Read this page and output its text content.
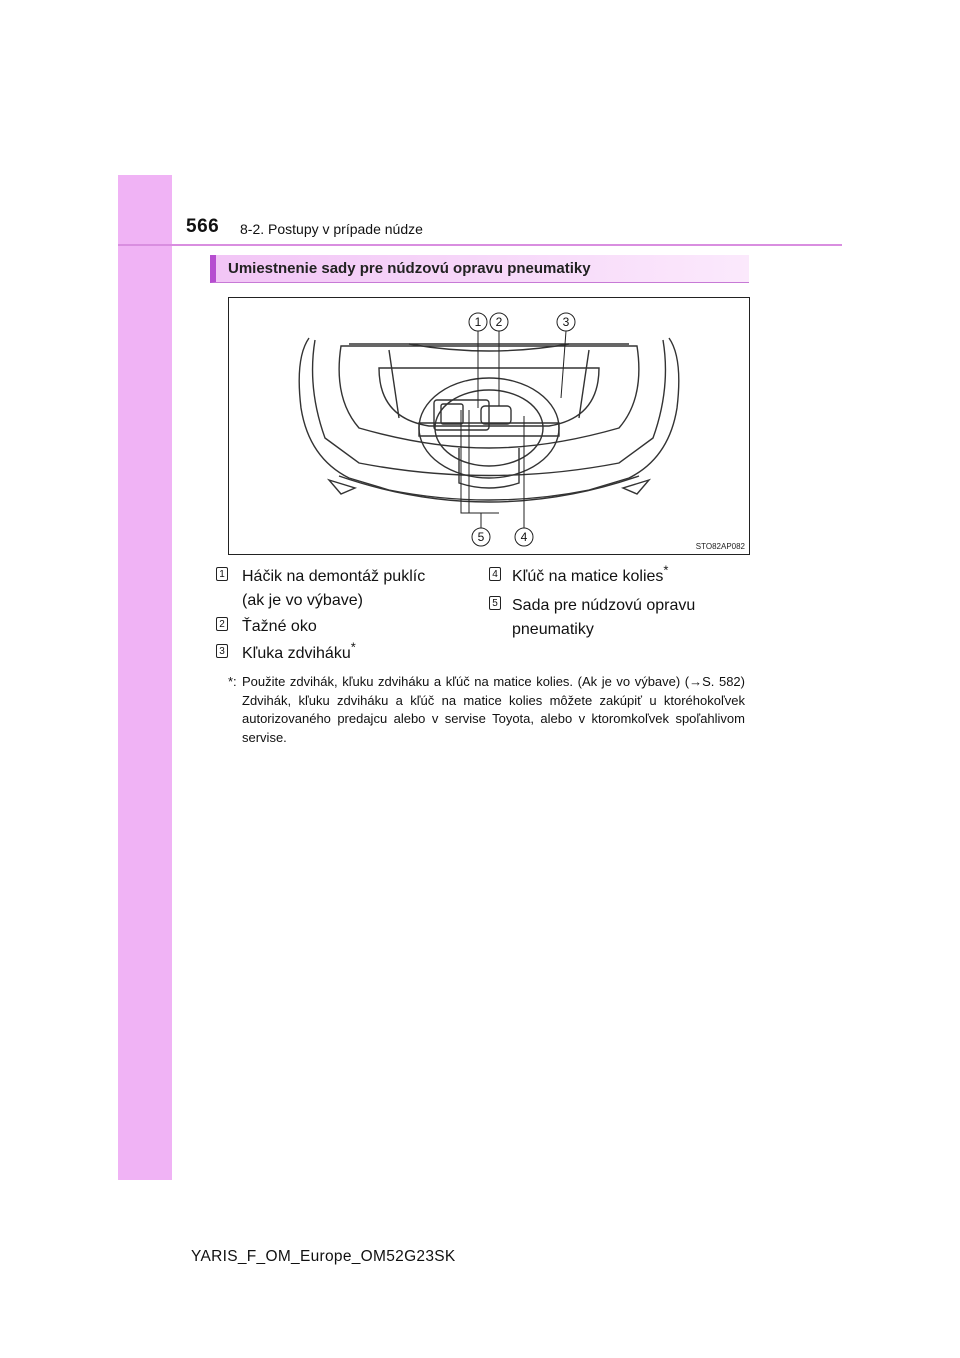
566 8-2. Postupy v prípade núdze
Umiestnenie sady pre núdzovú opravu pneumatiky
1 2	3
4
5
STO82AP082
1 Háčik na demontáž puklíc
(ak je vo výbave)
2 Ťažné oko
3 Kľuka zdviháku*
4 Kľúč na matice kolies*
5 Sada pre núdzovú opravu
pneumatiky
*: Použite zdvihák, kľuku zdviháku a kľúč na matice kolies. (Ak je vo výbave) (→S. 582) Zdvihák, kľuku zdviháku a kľúč na matice kolies môžete zakúpiť u ktoréhokoľvek autorizovaného predajcu alebo v servise Toyota, alebo v ktoromkoľvek spoľahlivom servise.
YARIS_F_OM_Europe_OM52G23SK
